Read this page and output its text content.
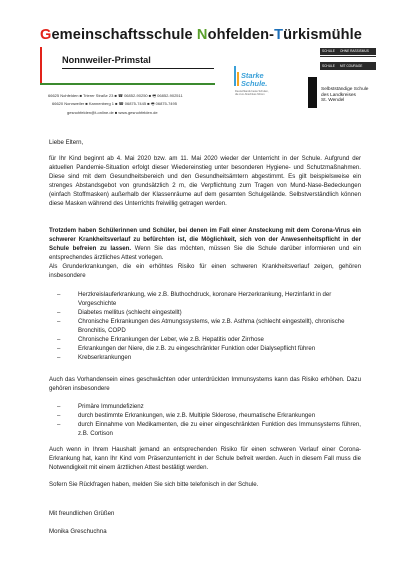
Gemeinschaftsschule Nohfelden-Türkismühle
Nonnweiler-Primstal
66625 Nohfelden ■ Trierer Straße 23 ■ ☎ 06852-90250 ■ 🖷 06852-902511
66620 Nonnweiler ■ Kannenberg 1 ■ ☎ 06875-7445 ■ 🖷 06875-7495
gesnohfelden@t-online.de ■ www.gesnohfelden.de
Starke
Schule.
Deutschlands beste Schulen,
die zum Abschluss führen
SCHULE OHNE RASSISMUS
SCHULE MIT COURAGE
Selbstständige Schule
des Landkreises
St. Wendel
Liebe Eltern,
für Ihr Kind beginnt ab 4. Mai 2020 bzw. am 11. Mai 2020 wieder der Unterricht in der Schule. Aufgrund der aktuellen Pandemie-Situation erfolgt dieser Wiedereinstieg unter besonderen Hygiene- und Schutzmaßnahmen. Diese sind mit dem Gesundheitsbereich und den Gesundheitsämtern abgestimmt. Es gilt beispielsweise ein strenges Abstandsgebot von grundsätzlich 2 m, die Verpflichtung zum Tragen von Mund-Nase-Bedeckungen (einfach Stoffmasken) außerhalb der Klassenräume auf dem gesamten Schulgelände. Selbstverständlich können diese Masken während des Unterrichts freiwillig getragen werden.
Trotzdem haben Schülerinnen und Schüler, bei denen im Fall einer Ansteckung mit dem Corona-Virus ein schwerer Krankheitsverlauf zu befürchten ist, die Möglichkeit, sich von der Anwesenheitspflicht in der Schule befreien zu lassen. Wenn Sie das möchten, müssen Sie die Schule darüber informieren und ein entsprechendes ärztliches Attest vorlegen.
Als Grunderkrankungen, die ein erhöhtes Risiko für einen schweren Krankheitsverlauf zeigen, gehören insbesondere
–	Herzkreislauferkrankung, wie z.B. Bluthochdruck, koronare Herzerkrankung, Herzinfarkt in der Vorgeschichte
–	Diabetes mellitus (schlecht eingestellt)
–	Chronische Erkrankungen des Atmungssystems, wie z.B. Asthma (schlecht eingestellt), chronische Bronchitis, COPD
–	Chronische Erkrankungen der Leber, wie z.B. Hepatitis oder Zirrhose
–	Erkrankungen der Niere, die z.B. zu eingeschränkter Funktion oder Dialysepflicht führen
–	Krebserkrankungen
Auch das Vorhandensein eines geschwächten oder unterdrückten Immunsystems kann das Risiko erhöhen. Dazu gehören insbesondere
–	Primäre Immundefizienz
–	durch bestimmte Erkrankungen, wie z.B. Multiple Sklerose, rheumatische Erkrankungen
–	durch Einnahme von Medikamenten, die zu einer eingeschränkten Funktion des Immunsystems führen, z.B. Cortison
Auch wenn in Ihrem Haushalt jemand an entsprechenden Risiko für einen schweren Verlauf einer Corona-Erkrankung hat, kann Ihr Kind vom Präsenzunterricht in der Schule befreit werden. Auch in diesem Fall muss die Notwendigkeit mit einem ärztlichen Attest bestätigt werden.
Sofern Sie Rückfragen haben, melden Sie sich bitte telefonisch in der Schule.
Mit freundlichen Grüßen
Monika Greschuchna
